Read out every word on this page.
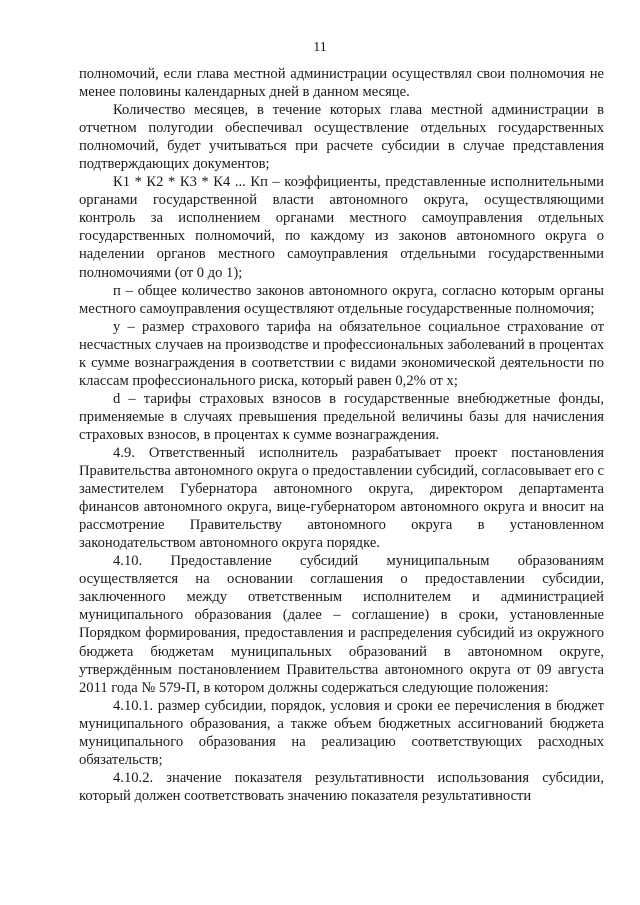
11

полномочий, если глава местной администрации осуществлял свои полномочия не менее половины календарных дней в данном месяце.

Количество месяцев, в течение которых глава местной администрации в отчетном полугодии обеспечивал осуществление отдельных государственных полномочий, будет учитываться при расчете субсидии в случае представления подтверждающих документов;

К1 * К2 * К3 * К4 ... Кп – коэффициенты, представленные исполнительными органами государственной власти автономного округа, осуществляющими контроль за исполнением органами местного самоуправления отдельных государственных полномочий, по каждому из законов автономного округа о наделении органов местного самоуправления отдельными государственными полномочиями (от 0 до 1);

п – общее количество законов автономного округа, согласно которым органы местного самоуправления осуществляют отдельные государственные полномочия;

у – размер страхового тарифа на обязательное социальное страхование от несчастных случаев на производстве и профессиональных заболеваний в процентах к сумме вознаграждения в соответствии с видами экономической деятельности по классам профессионального риска, который равен 0,2% от х;

d – тарифы страховых взносов в государственные внебюджетные фонды, применяемые в случаях превышения предельной величины базы для начисления страховых взносов, в процентах к сумме вознаграждения.

4.9. Ответственный исполнитель разрабатывает проект постановления Правительства автономного округа о предоставлении субсидий, согласовывает его с заместителем Губернатора автономного округа, директором департамента финансов автономного округа, вице-губернатором автономного округа и вносит на рассмотрение Правительству автономного округа в установленном законодательством автономного округа порядке.

4.10. Предоставление субсидий муниципальным образованиям осуществляется на основании соглашения о предоставлении субсидии, заключенного между ответственным исполнителем и администрацией муниципального образования (далее – соглашение) в сроки, установленные Порядком формирования, предоставления и распределения субсидий из окружного бюджета бюджетам муниципальных образований в автономном округе, утверждённым постановлением Правительства автономного округа от 09 августа 2011 года № 579-П, в котором должны содержаться следующие положения:

4.10.1. размер субсидии, порядок, условия и сроки ее перечисления в бюджет муниципального образования, а также объем бюджетных ассигнований бюджета муниципального образования на реализацию соответствующих расходных обязательств;

4.10.2. значение показателя результативности использования субсидии, который должен соответствовать значению показателя результативности
